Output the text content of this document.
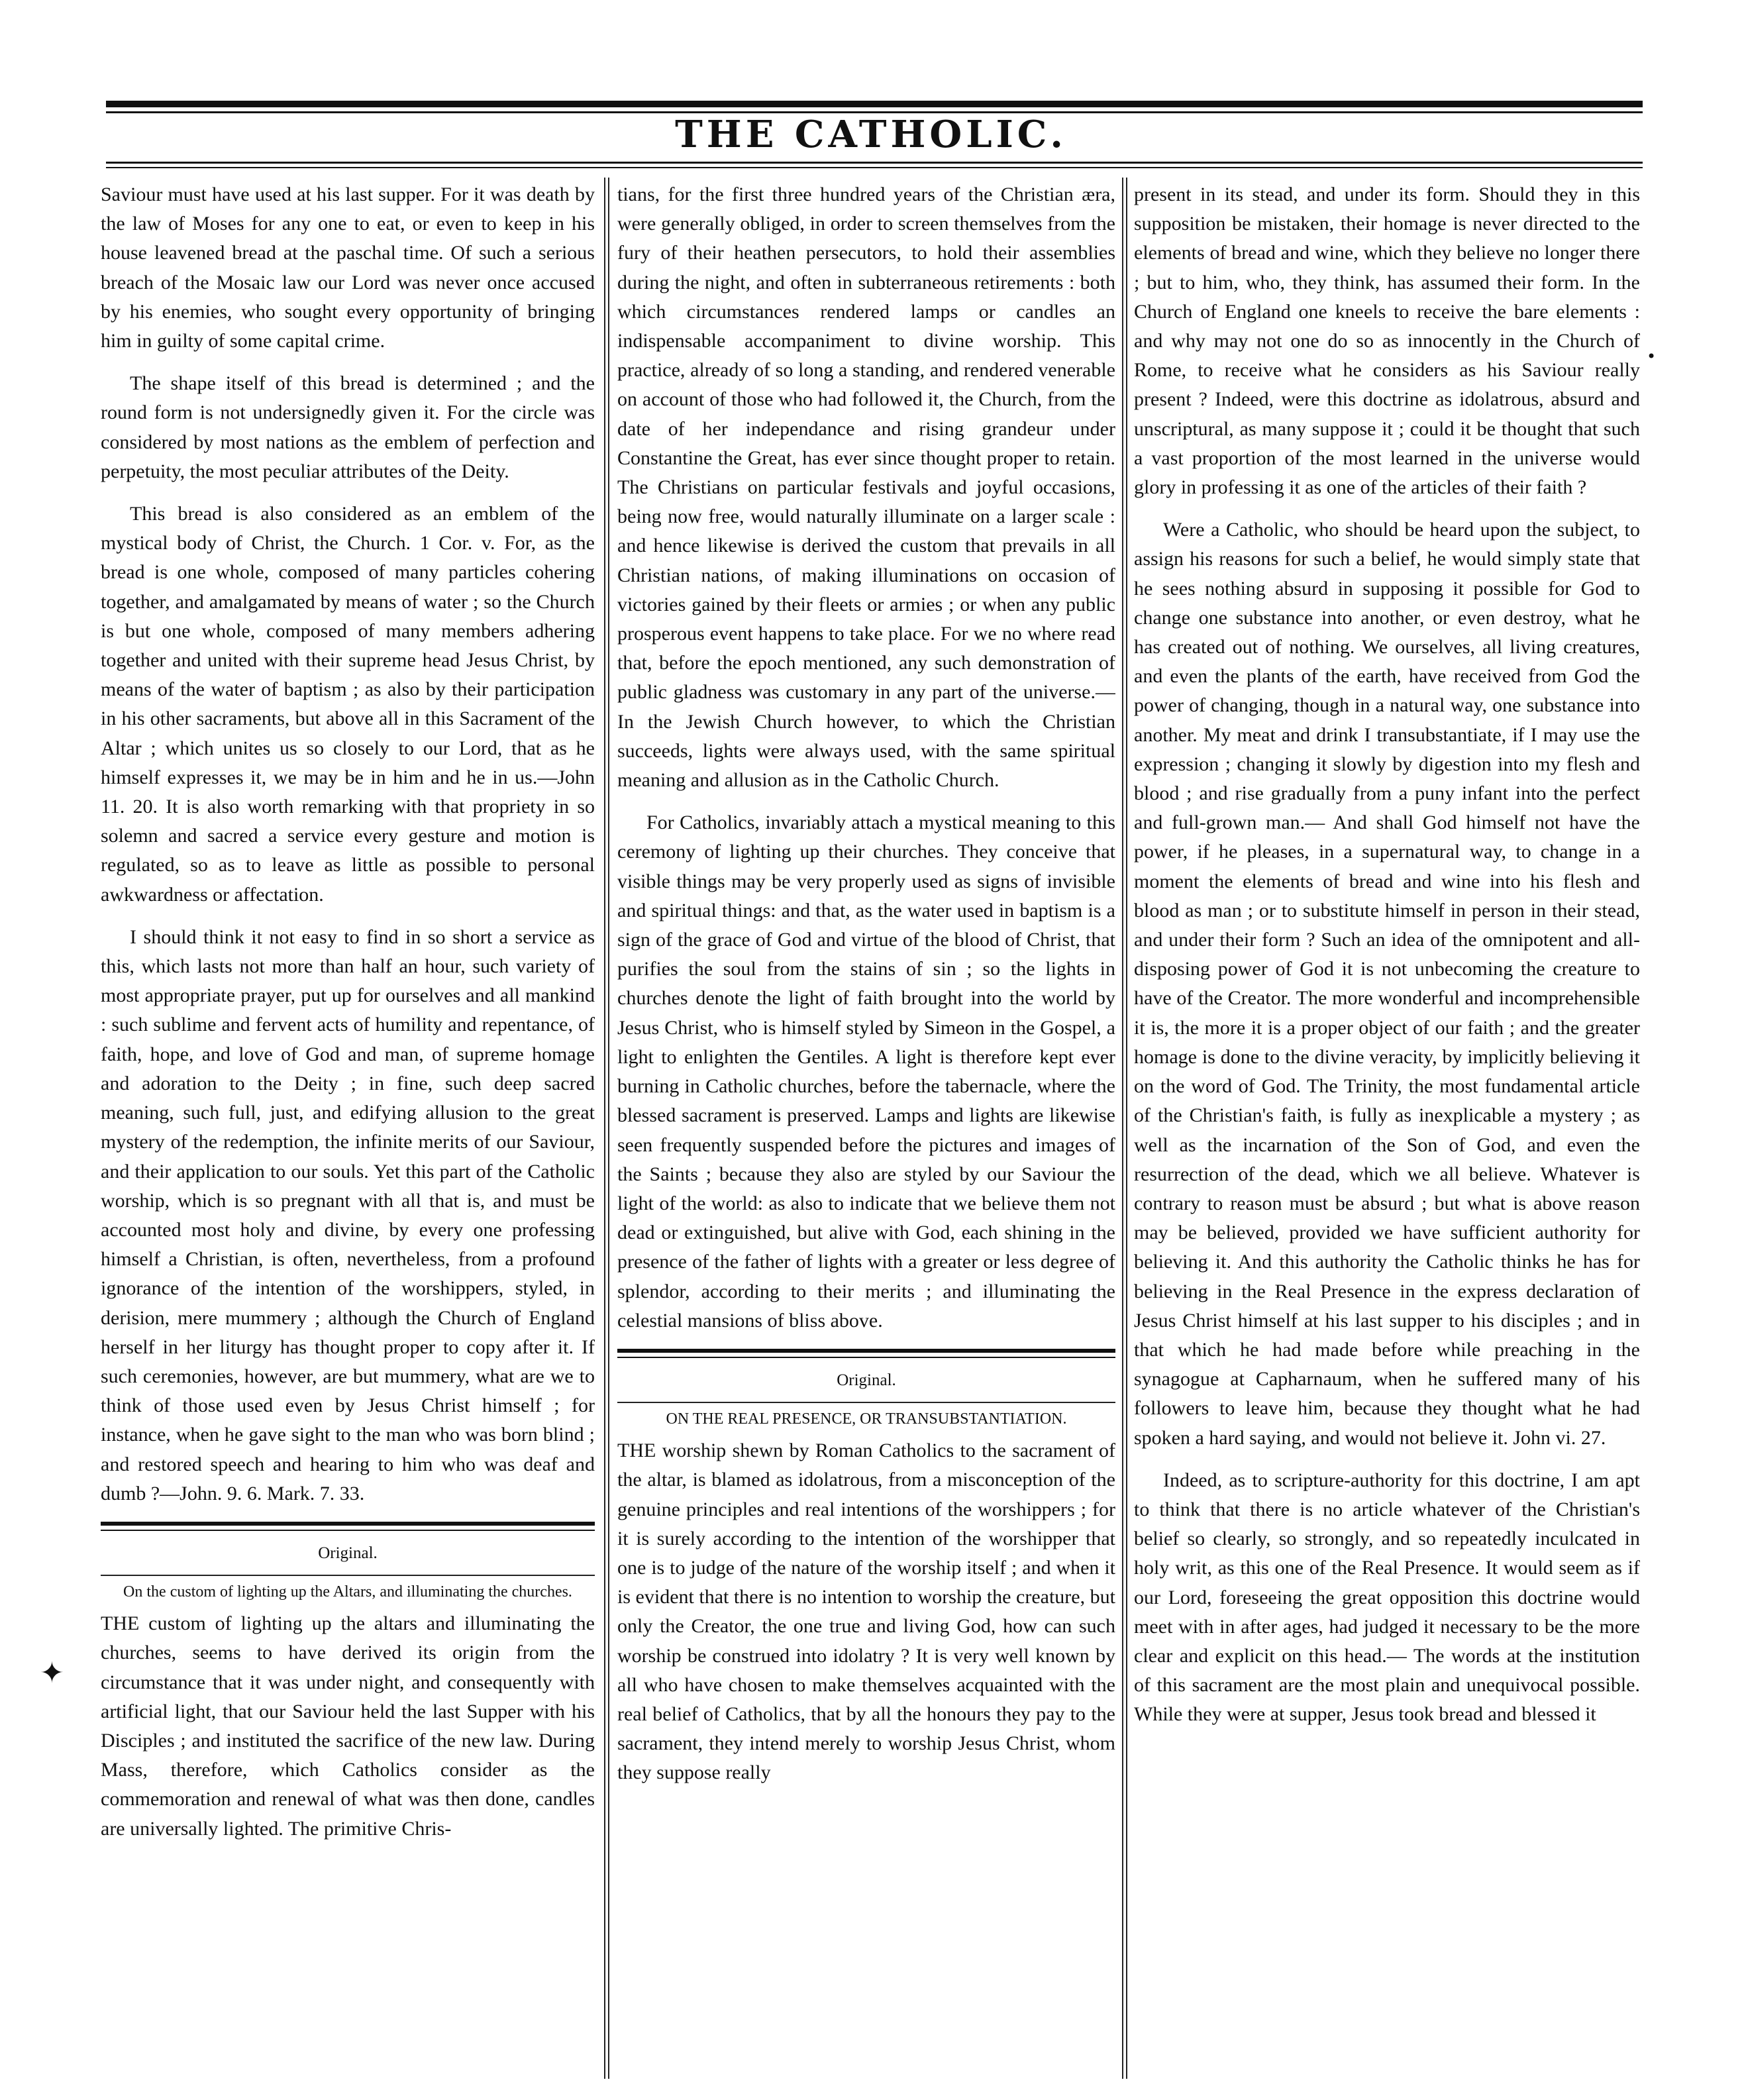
THE CATHOLIC.

Saviour must have used at his last supper. For it was death by the law of Moses for any one to eat, or even to keep in his house leavened bread at the paschal time. Of such a serious breach of the Mosaic law our Lord was never once accused by his enemies, who sought every opportunity of bringing him in guilty of some capital crime.

The shape itself of this bread is determined ; and the round form is not undersignedly given it. For the circle was considered by most nations as the emblem of perfection and perpetuity, the most peculiar attributes of the Deity.

This bread is also considered as an emblem of the mystical body of Christ, the Church. 1 Cor. v. For, as the bread is one whole, composed of many particles cohering together, and amalgamated by means of water ; so the Church is but one whole, composed of many members adhering together and united with their supreme head Jesus Christ, by means of the water of baptism ; as also by their participation in his other sacraments, but above all in this Sacrament of the Altar ; which unites us so closely to our Lord, that as he himself expresses it, we may be in him and he in us.—John 11. 20. It is also worth remarking with that propriety in so solemn and sacred a service every gesture and motion is regulated, so as to leave as little as possible to personal awkwardness or affectation.

I should think it not easy to find in so short a service as this, which lasts not more than half an hour, such variety of most appropriate prayer, put up for ourselves and all mankind : such sublime and fervent acts of humility and repentance, of faith, hope, and love of God and man, of supreme homage and adoration to the Deity ; in fine, such deep sacred meaning, such full, just, and edifying allusion to the great mystery of the redemption, the infinite merits of our Saviour, and their application to our souls. Yet this part of the Catholic worship, which is so pregnant with all that is, and must be accounted most holy and divine, by every one professing himself a Christian, is often, nevertheless, from a profound ignorance of the intention of the worshippers, styled, in derision, mere mummery ; although the Church of England herself in her liturgy has thought proper to copy after it. If such ceremonies, however, are but mummery, what are we to think of those used even by Jesus Christ himself ; for instance, when he gave sight to the man who was born blind ; and restored speech and hearing to him who was deaf and dumb ?—John. 9. 6. Mark. 7. 33.

Original.
On the custom of lighting up the Altars, and illuminating the churches.

THE custom of lighting up the altars and illuminating the churches, seems to have derived its origin from the circumstance that it was under night, and consequently with artificial light, that our Saviour held the last Supper with his Disciples ; and instituted the sacrifice of the new law. During Mass, therefore, which Catholics consider as the commemoration and renewal of what was then done, candles are universally lighted. The primitive Chris-

tians, for the first three hundred years of the Christian æra, were generally obliged, in order to screen themselves from the fury of their heathen persecutors, to hold their assemblies during the night, and often in subterraneous retirements : both which circumstances rendered lamps or candles an indispensable accompaniment to divine worship. This practice, already of so long a standing, and rendered venerable on account of those who had followed it, the Church, from the date of her independance and rising grandeur under Constantine the Great, has ever since thought proper to retain. The Christians on particular festivals and joyful occasions, being now free, would naturally illuminate on a larger scale : and hence likewise is derived the custom that prevails in all Christian nations, of making illuminations on occasion of victories gained by their fleets or armies ; or when any public prosperous event happens to take place. For we no where read that, before the epoch mentioned, any such demonstration of public gladness was customary in any part of the universe.—In the Jewish Church however, to which the Christian succeeds, lights were always used, with the same spiritual meaning and allusion as in the Catholic Church.

For Catholics, invariably attach a mystical meaning to this ceremony of lighting up their churches. They conceive that visible things may be very properly used as signs of invisible and spiritual things: and that, as the water used in baptism is a sign of the grace of God and virtue of the blood of Christ, that purifies the soul from the stains of sin ; so the lights in churches denote the light of faith brought into the world by Jesus Christ, who is himself styled by Simeon in the Gospel, a light to enlighten the Gentiles. A light is therefore kept ever burning in Catholic churches, before the tabernacle, where the blessed sacrament is preserved. Lamps and lights are likewise seen frequently suspended before the pictures and images of the Saints ; because they also are styled by our Saviour the light of the world: as also to indicate that we believe them not dead or extinguished, but alive with God, each shining in the presence of the father of lights with a greater or less degree of splendor, according to their merits ; and illuminating the celestial mansions of bliss above.

Original.
ON THE REAL PRESENCE, OR TRANSUBSTANTIATION.

THE worship shewn by Roman Catholics to the sacrament of the altar, is blamed as idolatrous, from a misconception of the genuine principles and real intentions of the worshippers ; for it is surely according to the intention of the worshipper that one is to judge of the nature of the worship itself ; and when it is evident that there is no intention to worship the creature, but only the Creator, the one true and living God, how can such worship be construed into idolatry ? It is very well known by all who have chosen to make themselves acquainted with the real belief of Catholics, that by all the honours they pay to the sacrament, they intend merely to worship Jesus Christ, whom they suppose really

present in its stead, and under its form. Should they in this supposition be mistaken, their homage is never directed to the elements of bread and wine, which they believe no longer there ; but to him, who, they think, has assumed their form. In the Church of England one kneels to receive the bare elements : and why may not one do so as innocently in the Church of Rome, to receive what he considers as his Saviour really present ? Indeed, were this doctrine as idolatrous, absurd and unscriptural, as many suppose it ; could it be thought that such a vast proportion of the most learned in the universe would glory in professing it as one of the articles of their faith ?

Were a Catholic, who should be heard upon the subject, to assign his reasons for such a belief, he would simply state that he sees nothing absurd in supposing it possible for God to change one substance into another, or even destroy, what he has created out of nothing. We ourselves, all living creatures, and even the plants of the earth, have received from God the power of changing, though in a natural way, one substance into another. My meat and drink I transubstantiate, if I may use the expression ; changing it slowly by digestion into my flesh and blood ; and rise gradually from a puny infant into the perfect and full-grown man.— And shall God himself not have the power, if he pleases, in a supernatural way, to change in a moment the elements of bread and wine into his flesh and blood as man ; or to substitute himself in person in their stead, and under their form ? Such an idea of the omnipotent and all-disposing power of God it is not unbecoming the creature to have of the Creator. The more wonderful and incomprehensible it is, the more it is a proper object of our faith ; and the greater homage is done to the divine veracity, by implicitly believing it on the word of God. The Trinity, the most fundamental article of the Christian's faith, is fully as inexplicable a mystery ; as well as the incarnation of the Son of God, and even the resurrection of the dead, which we all believe. Whatever is contrary to reason must be absurd ; but what is above reason may be believed, provided we have sufficient authority for believing it. And this authority the Catholic thinks he has for believing in the Real Presence in the express declaration of Jesus Christ himself at his last supper to his disciples ; and in that which he had made before while preaching in the synagogue at Capharnaum, when he suffered many of his followers to leave him, because they thought what he had spoken a hard saying, and would not believe it. John vi. 27.

Indeed, as to scripture-authority for this doctrine, I am apt to think that there is no article whatever of the Christian's belief so clearly, so strongly, and so repeatedly inculcated in holy writ, as this one of the Real Presence. It would seem as if our Lord, foreseeing the great opposition this doctrine would meet with in after ages, had judged it necessary to be the more clear and explicit on this head.— The words at the institution of this sacrament are the most plain and unequivocal possible. While they were at supper, Jesus took bread and blessed it

✦
•
